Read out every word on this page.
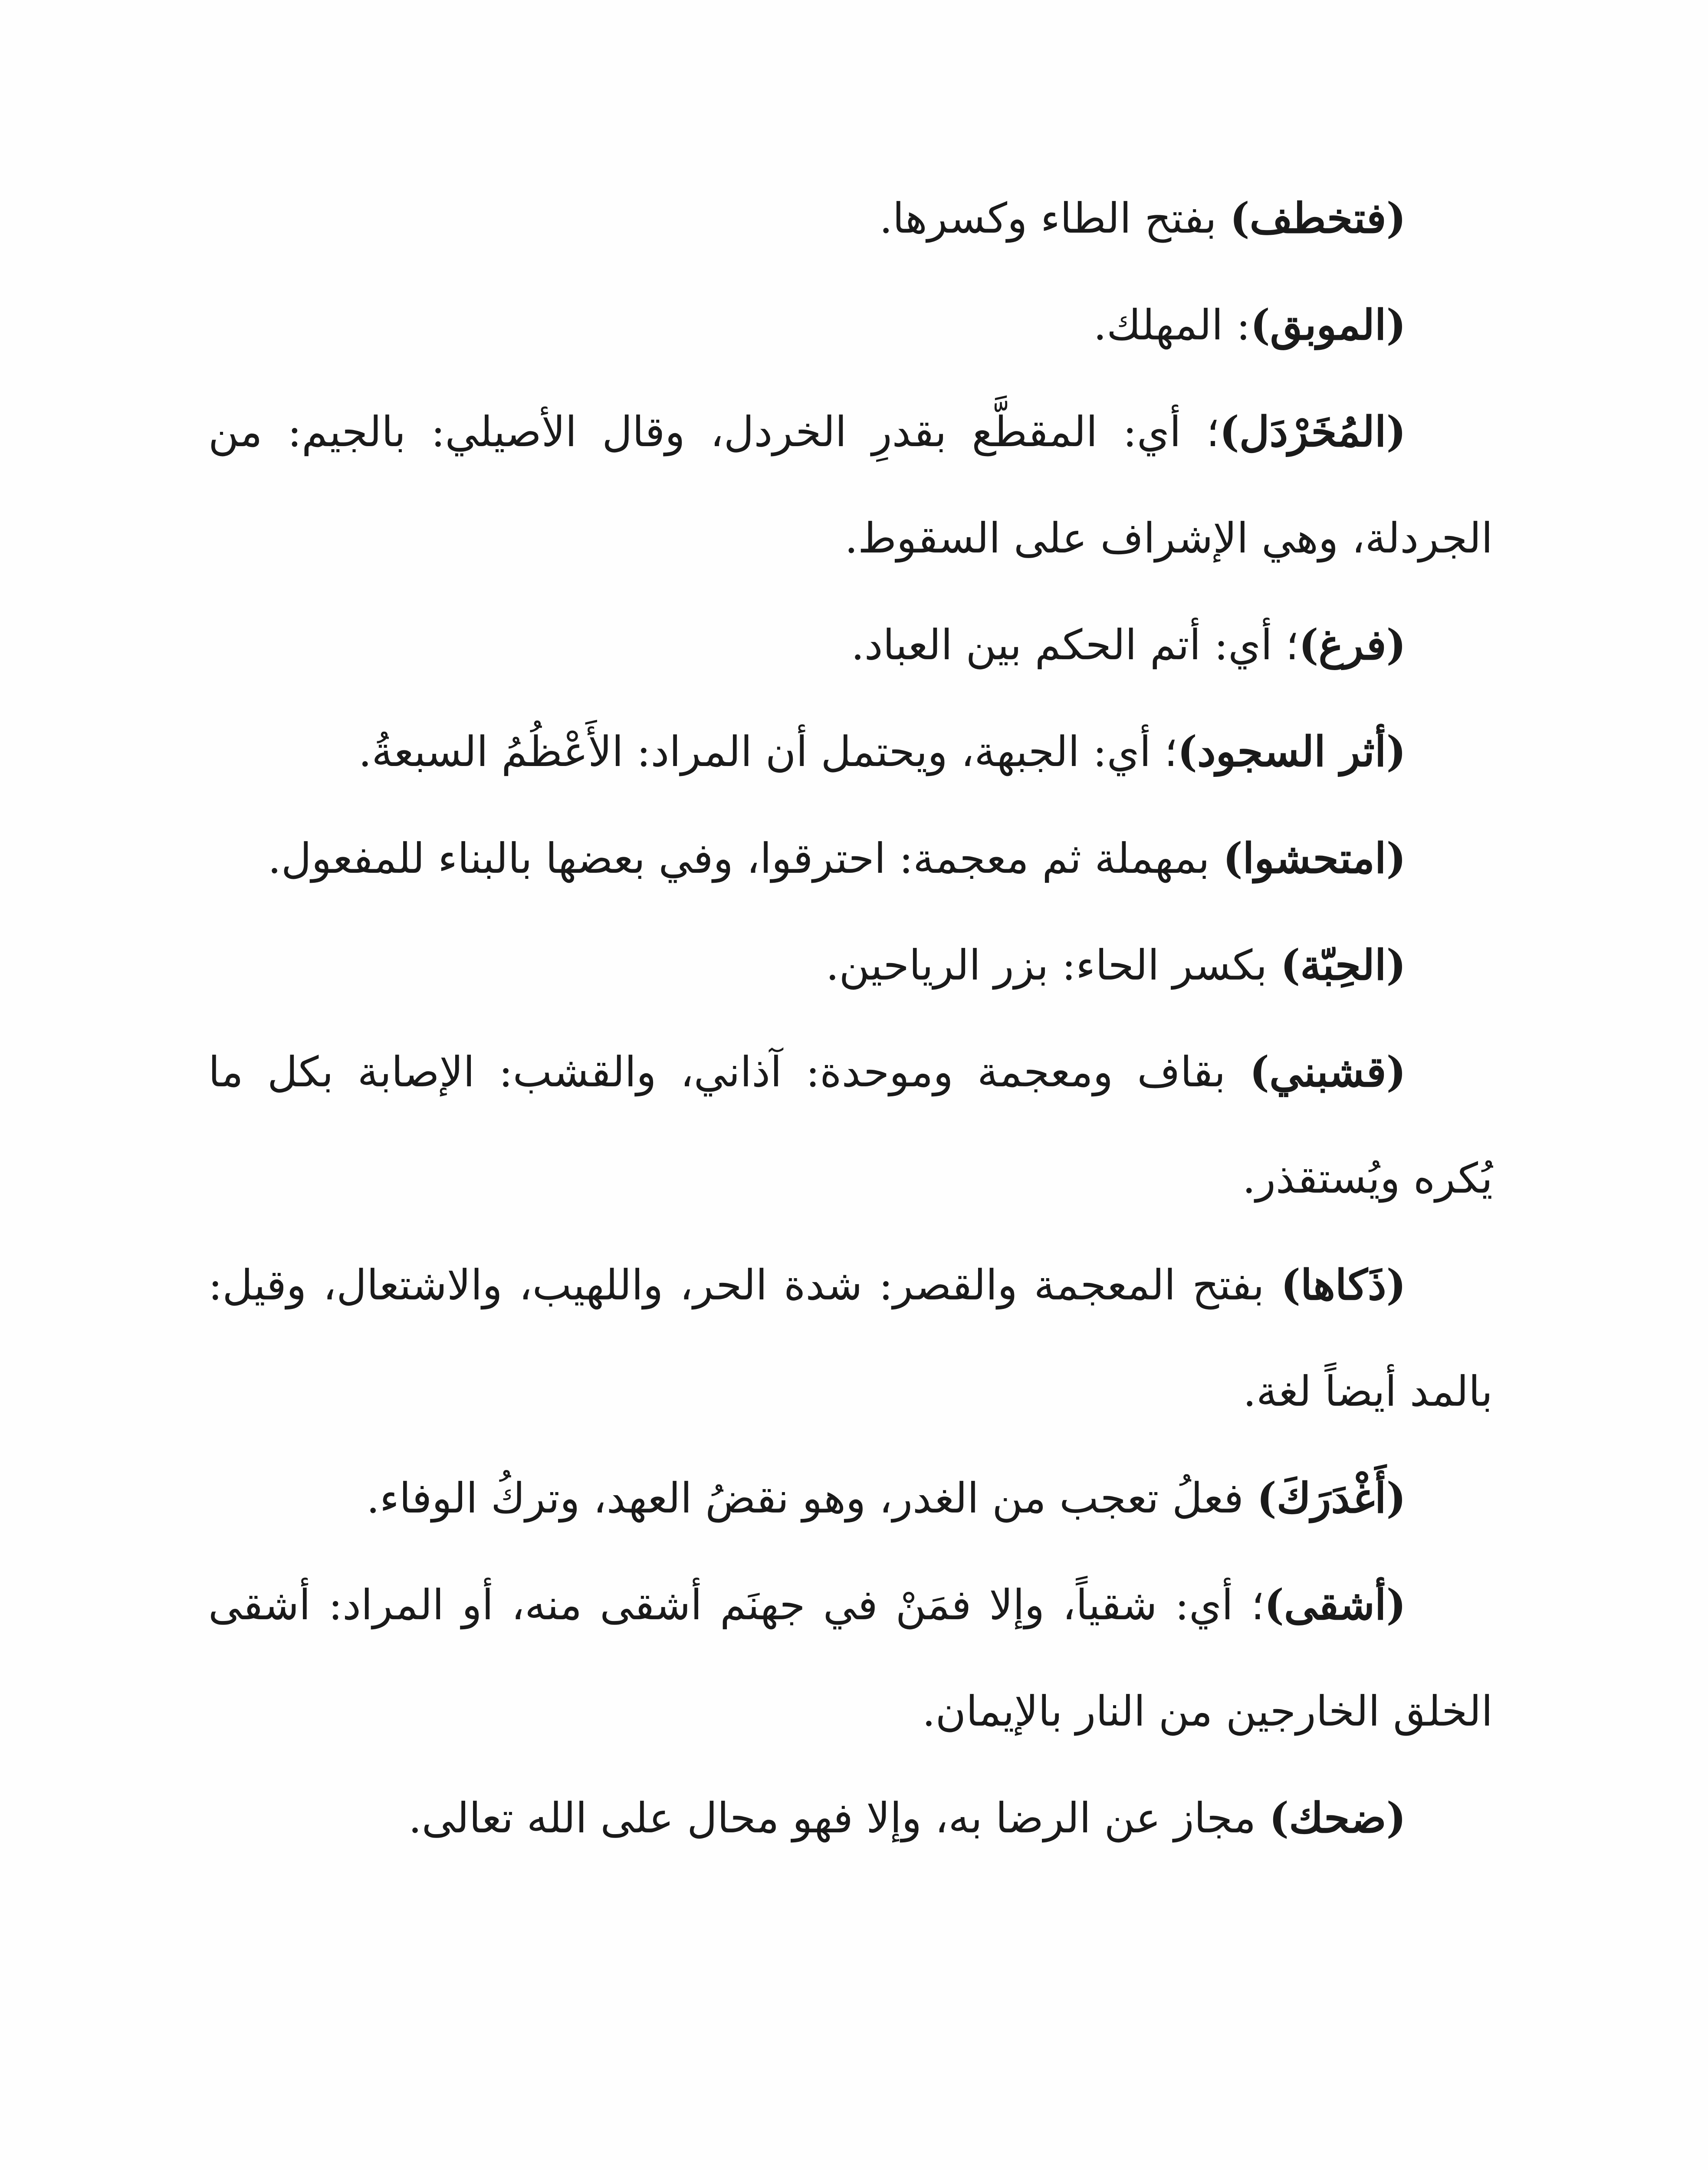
(فتخطف) بفتح الطاء وكسرها.

(الموبق): المهلك.

(المُخَرْدَل)؛ أي: المقطَّع بقدرِ الخردل، وقال الأصيلي: بالجيم: من الجردلة، وهي الإشراف على السقوط.

(فرغ)؛ أي: أتم الحكم بين العباد.

(أثر السجود)؛ أي: الجبهة، ويحتمل أن المراد: الأَعْظُمُ السبعةُ.

(امتحشوا) بمهملة ثم معجمة: احترقوا، وفي بعضها بالبناء للمفعول.

(الحِبّة) بكسر الحاء: بزر الرياحين.

(قشبني) بقاف ومعجمة وموحدة: آذاني، والقشب: الإصابة بكل ما يُكره ويُستقذر.

(ذَكاها) بفتح المعجمة والقصر: شدة الحر، واللهيب، والاشتعال، وقيل: بالمد أيضاً لغة.

(أَغْدَرَكَ) فعلُ تعجب من الغدر، وهو نقضُ العهد، وتركُ الوفاء.

(أشقى)؛ أي: شقياً، وإلا فمَنْ في جهنَم أشقى منه، أو المراد: أشقى الخلق الخارجين من النار بالإيمان.

(ضحك) مجاز عن الرضا به، وإلا فهو محال على الله تعالى.
